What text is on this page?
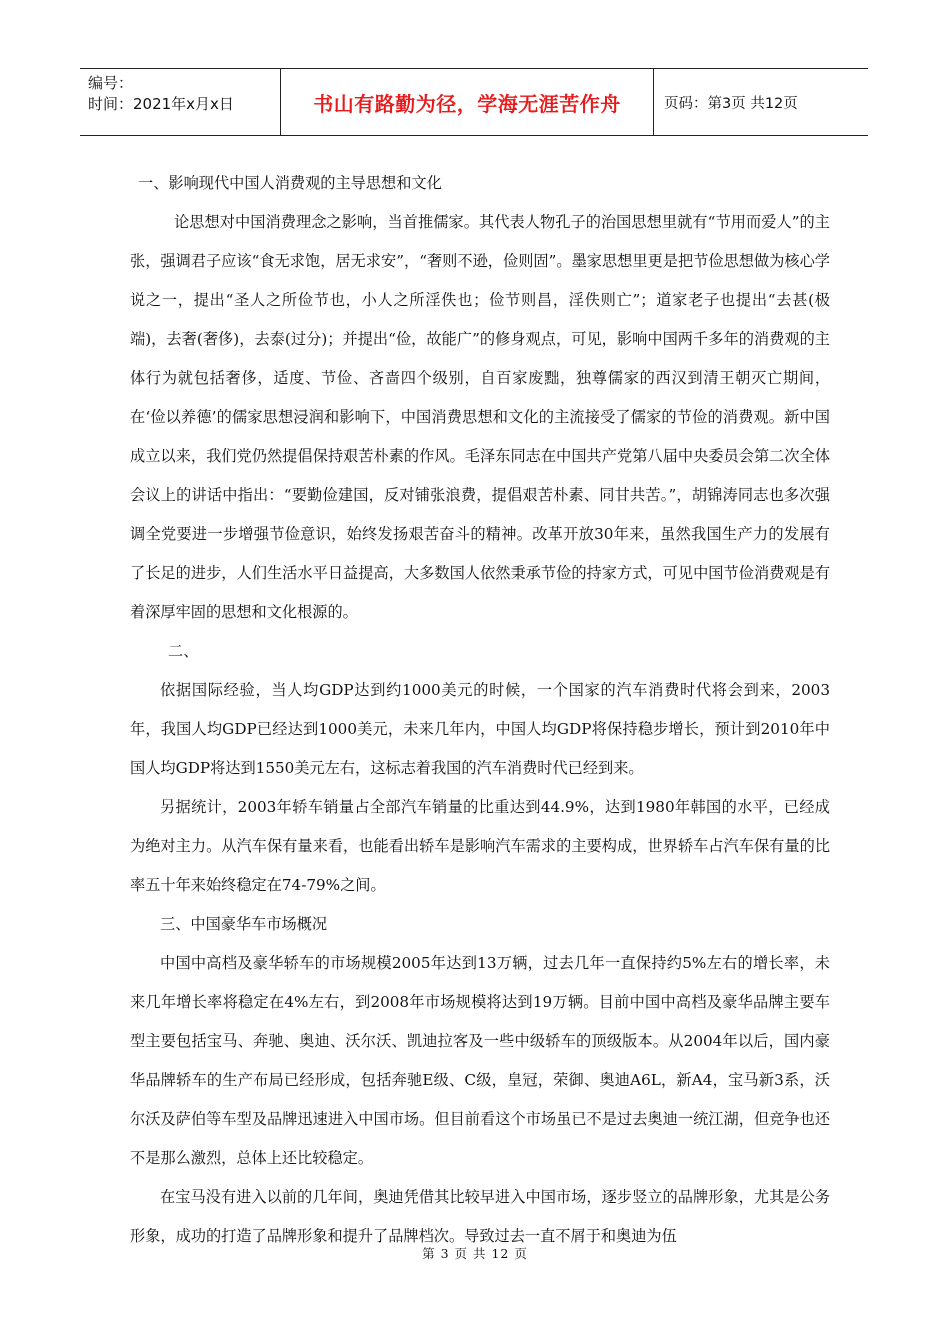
编号：
时间：2021年x月x日	书山有路勤为径，学海无涯苦作舟	页码：第3页 共12页

一、影响现代中国人消费观的主导思想和文化

论思想对中国消费理念之影响，当首推儒家。其代表人物孔子的治国思想里就有“节用而爱人”的主张，强调君子应该“食无求饱，居无求安”，“奢则不逊，俭则固”。墨家思想里更是把节俭思想做为核心学说之一，提出“圣人之所俭节也，小人之所淫佚也；俭节则昌，淫佚则亡”；道家老子也提出“去甚(极端)，去奢(奢侈)，去泰(过分)；并提出“俭，故能广”的修身观点，可见，影响中国两千多年的消费观的主体行为就包括奢侈，适度、节俭、吝啬四个级别，自百家废黜，独尊儒家的西汉到清王朝灭亡期间，在‘俭以养德’的儒家思想浸润和影响下，中国消费思想和文化的主流接受了儒家的节俭的消费观。新中国成立以来，我们党仍然提倡保持艰苦朴素的作风。毛泽东同志在中国共产党第八届中央委员会第二次全体会议上的讲话中指出：“要勤俭建国，反对铺张浪费，提倡艰苦朴素、同甘共苦。”，胡锦涛同志也多次强调全党要进一步增强节俭意识，始终发扬艰苦奋斗的精神。改革开放30年来，虽然我国生产力的发展有了长足的进步，人们生活水平日益提高，大多数国人依然秉承节俭的持家方式，可见中国节俭消费观是有着深厚牢固的思想和文化根源的。

二、

依据国际经验，当人均GDP达到约1000美元的时候，一个国家的汽车消费时代将会到来，2003年，我国人均GDP已经达到1000美元，未来几年内，中国人均GDP将保持稳步增长，预计到2010年中国人均GDP将达到1550美元左右，这标志着我国的汽车消费时代已经到来。

另据统计，2003年轿车销量占全部汽车销量的比重达到44.9%，达到1980年韩国的水平，已经成为绝对主力。从汽车保有量来看，也能看出轿车是影响汽车需求的主要构成，世界轿车占汽车保有量的比率五十年来始终稳定在74-79%之间。

三、中国豪华车市场概况

中国中高档及豪华轿车的市场规模2005年达到13万辆，过去几年一直保持约5%左右的增长率，未来几年增长率将稳定在4%左右，到2008年市场规模将达到19万辆。目前中国中高档及豪华品牌主要车型主要包括宝马、奔驰、奥迪、沃尔沃、凯迪拉客及一些中级轿车的顶级版本。从2004年以后，国内豪华品牌轿车的生产布局已经形成，包括奔驰E级、C级，皇冠，荣御、奥迪A6L，新A4，宝马新3系，沃尔沃及萨伯等车型及品牌迅速进入中国市场。但目前看这个市场虽已不是过去奥迪一统江湖，但竞争也还不是那么激烈，总体上还比较稳定。

在宝马没有进入以前的几年间，奥迪凭借其比较早进入中国市场，逐步竖立的品牌形象，尤其是公务形象，成功的打造了品牌形象和提升了品牌档次。导致过去一直不屑于和奥迪为伍

第 3 页 共 12 页
